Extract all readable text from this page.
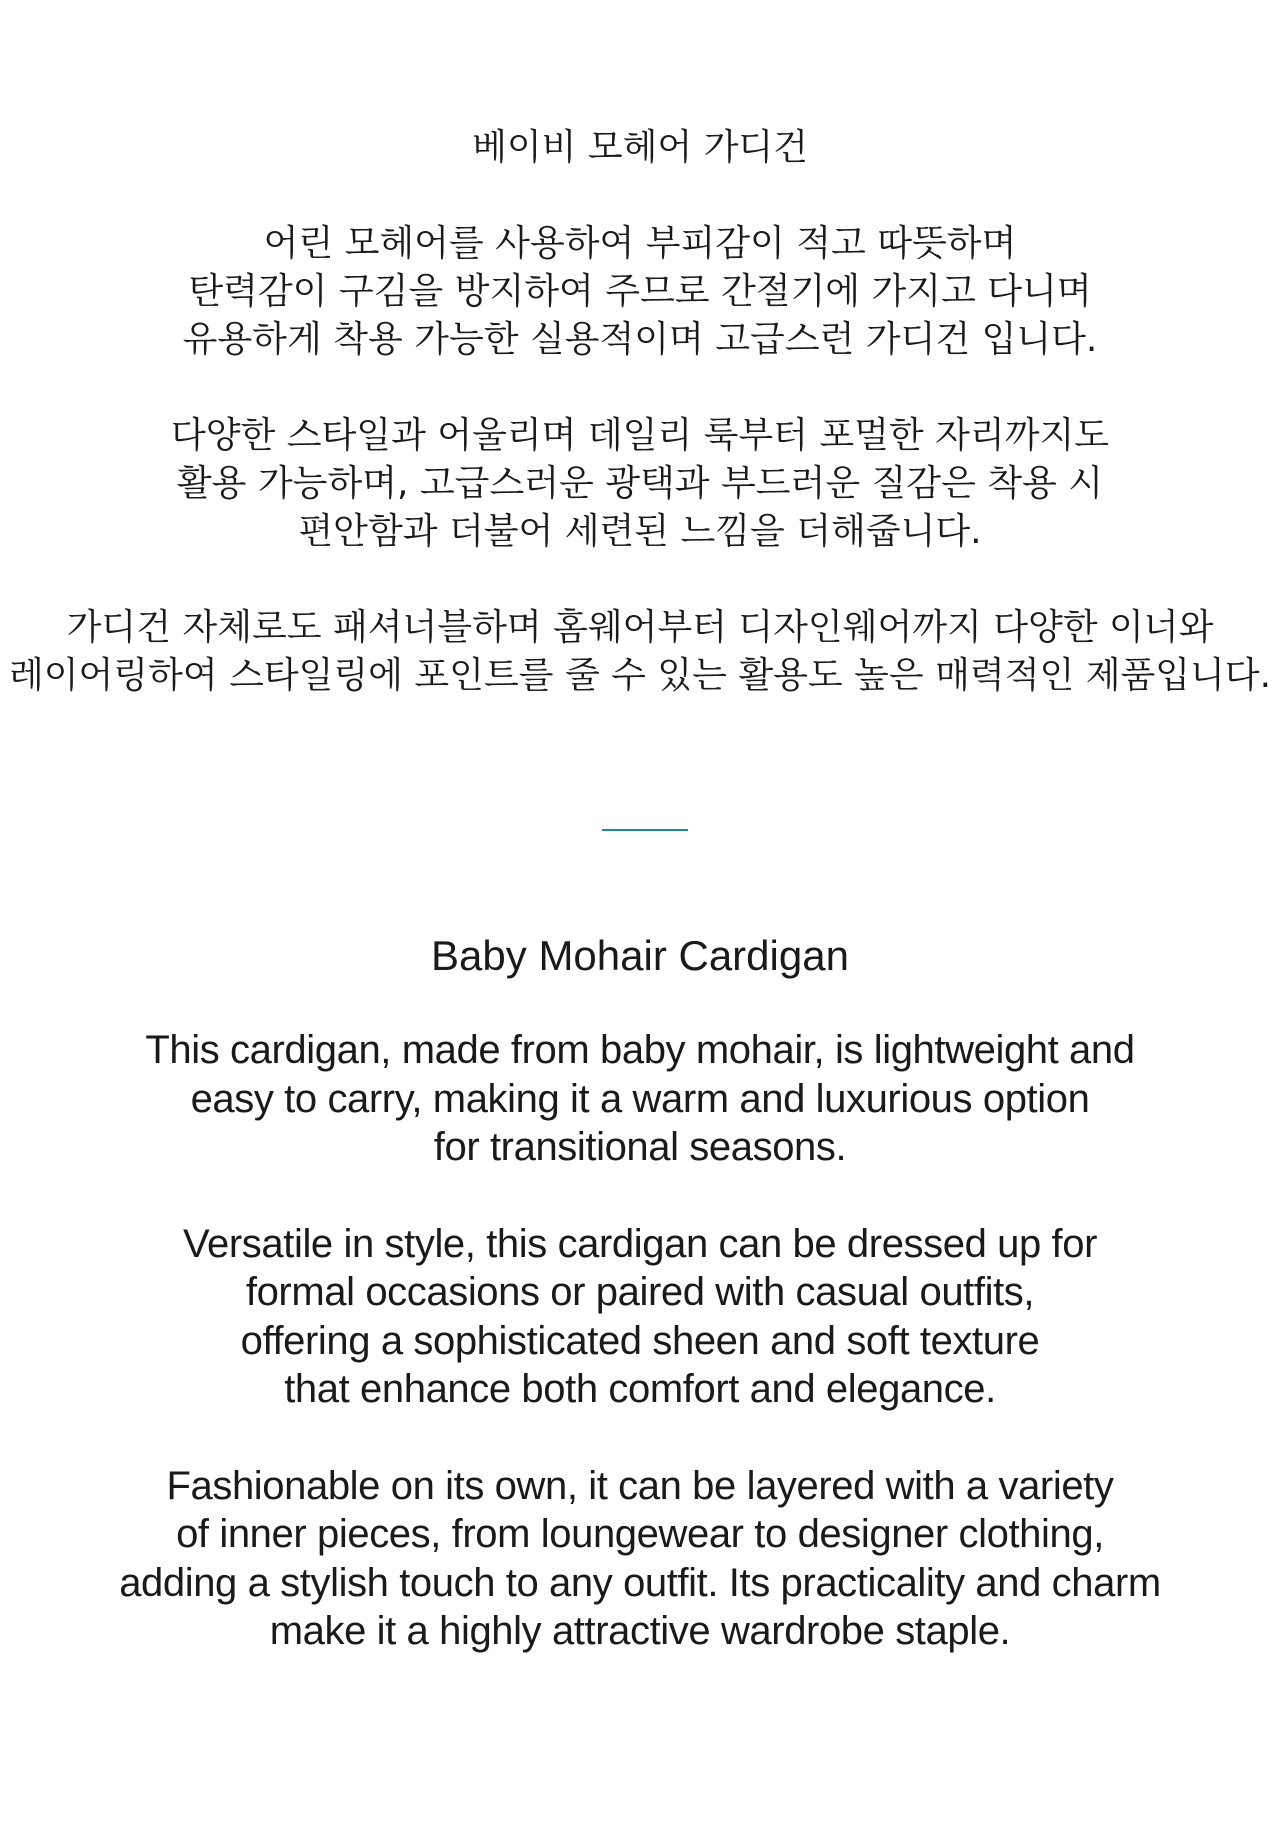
베이비 모헤어 가디건

어린 모헤어를 사용하여 부피감이 적고 따뜻하며
탄력감이 구김을 방지하여 주므로 간절기에 가지고 다니며
유용하게 착용 가능한 실용적이며 고급스런 가디건 입니다.

다양한 스타일과 어울리며 데일리 룩부터 포멀한 자리까지도
활용 가능하며, 고급스러운 광택과 부드러운 질감은 착용 시
편안함과 더불어 세련된 느낌을 더해줍니다.

가디건 자체로도 패셔너블하며 홈웨어부터 디자인웨어까지 다양한 이너와
레이어링하여 스타일링에 포인트를 줄 수 있는 활용도 높은 매력적인 제품입니다.

Baby Mohair Cardigan

This cardigan, made from baby mohair, is lightweight and
easy to carry, making it a warm and luxurious option
for transitional seasons.

Versatile in style, this cardigan can be dressed up for
formal occasions or paired with casual outfits,
offering a sophisticated sheen and soft texture
that enhance both comfort and elegance.

Fashionable on its own, it can be layered with a variety
of inner pieces, from loungewear to designer clothing,
adding a stylish touch to any outfit. Its practicality and charm
make it a highly attractive wardrobe staple.
